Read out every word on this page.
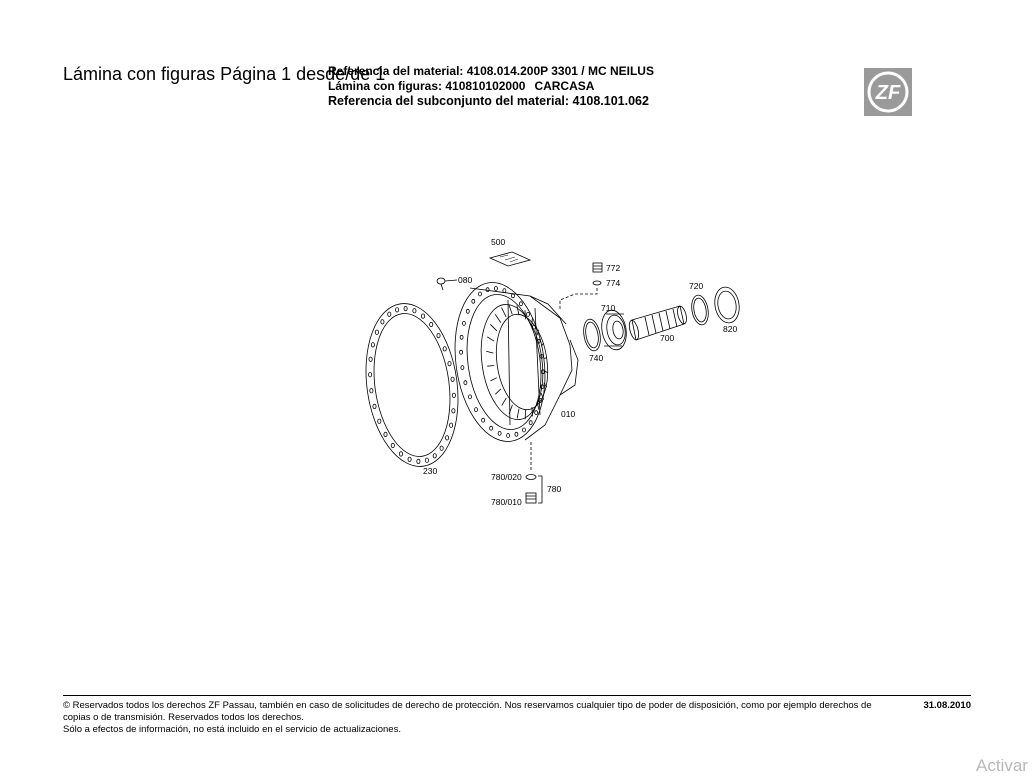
Lámina con figuras Página 1 desde/de 1
Referencia del material: 4108.014.200P 3301 / MC NEILUS
Lámina con figuras: 410810102000 CARCASA
Referencia del subconjunto del material: 4108.101.062	ZF
500
080
772
774
710
720
700
820
740
010
230
780/020
780
780/010
© Reservados todos los derechos ZF Passau, también en caso de solicitudes de derecho de protección. Nos reservamos cualquier tipo de poder de disposición, como por ejemplo derechos de	31.08.2010
copias o de transmisión. Reservados todos los derechos.
Sólo a efectos de información, no está incluido en el servicio de actualizaciones.
Activar
